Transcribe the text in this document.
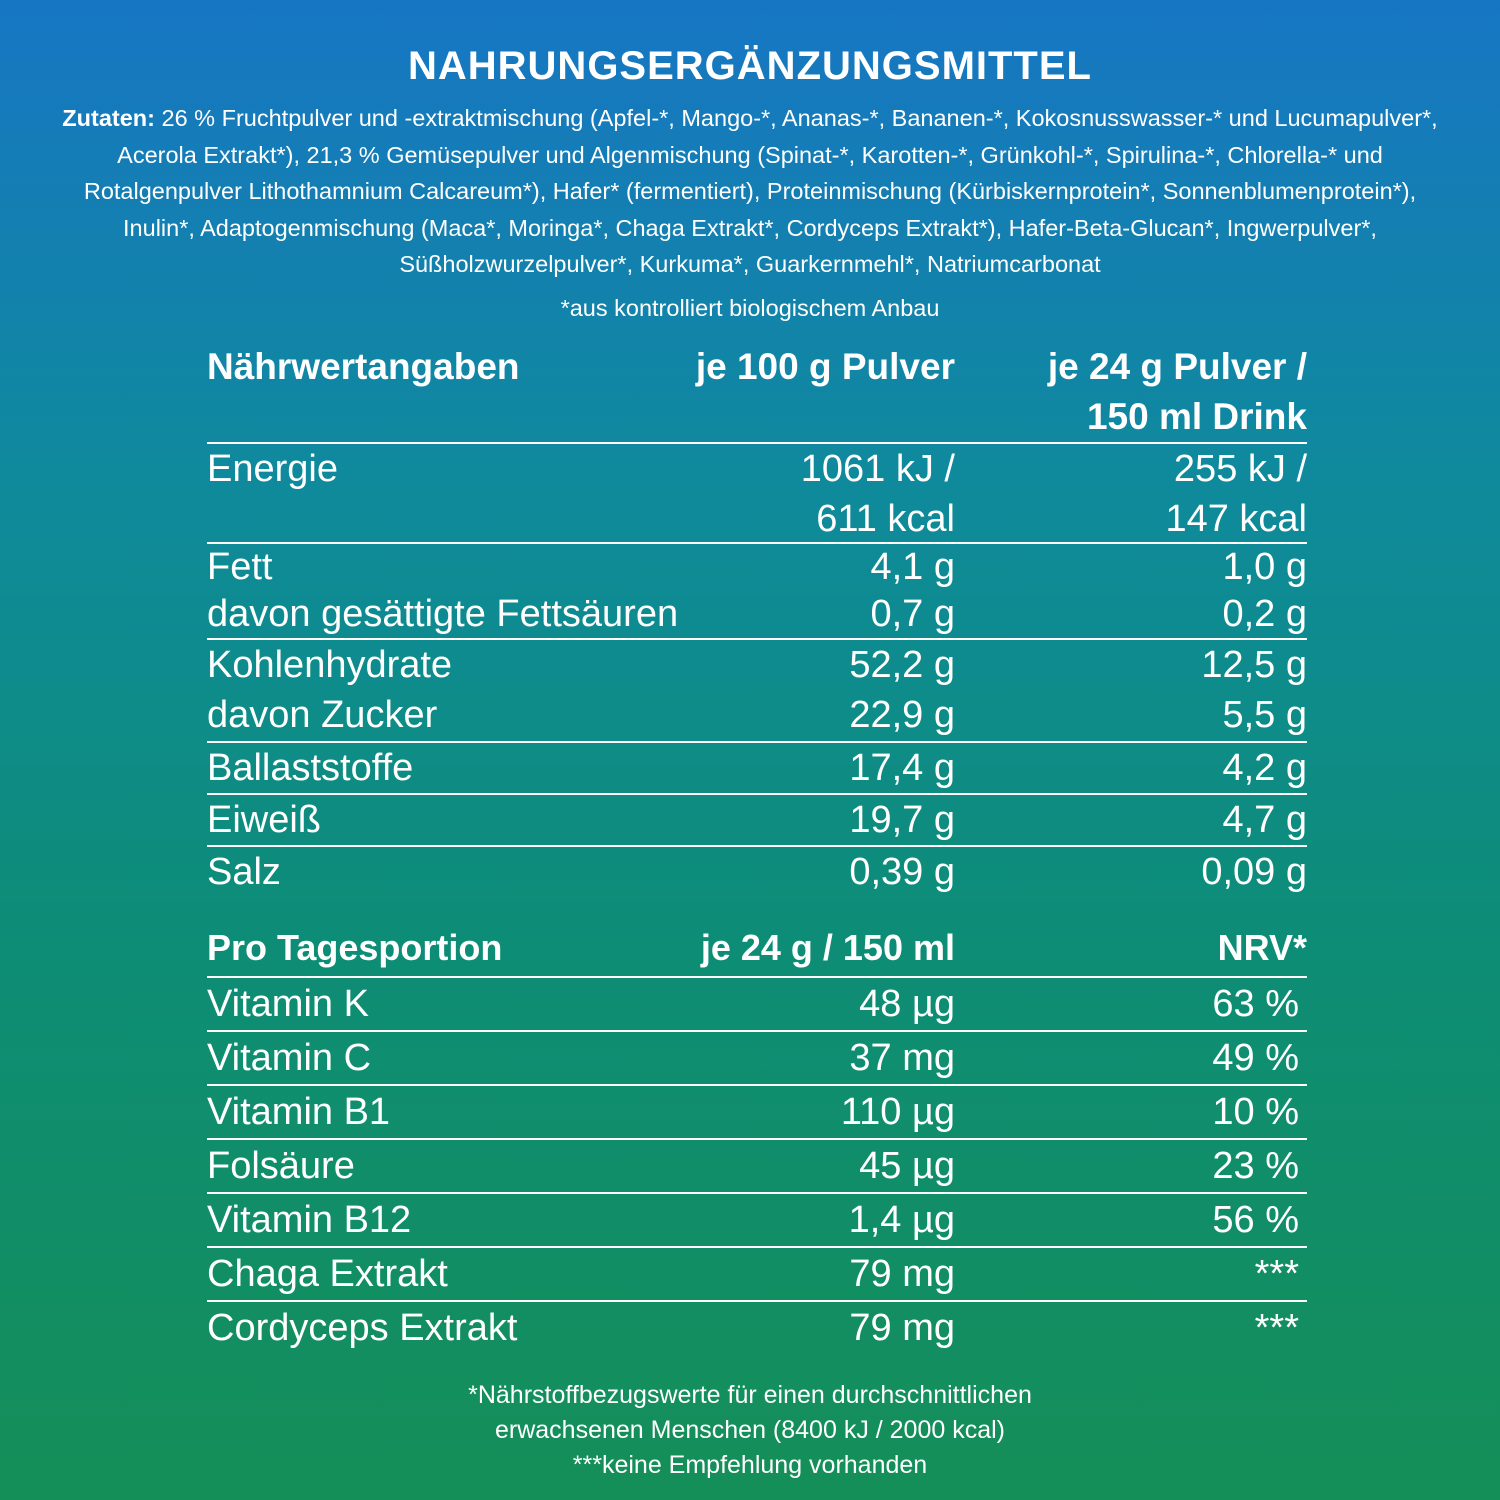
NAHRUNGSERGÄNZUNGSMITTEL
Zutaten: 26 % Fruchtpulver und -extraktmischung (Apfel-*, Mango-*, Ananas-*, Bananen-*, Kokosnusswasser-* und Lucumapulver*, Acerola Extrakt*), 21,3 % Gemüsepulver und Algenmischung (Spinat-*, Karotten-*, Grünkohl-*, Spirulina-*, Chlorella-* und Rotalgenpulver Lithothamnium Calcareum*), Hafer* (fermentiert), Proteinmischung (Kürbiskernprotein*, Sonnenblumenprotein*), Inulin*, Adaptogenmischung (Maca*, Moringa*, Chaga Extrakt*, Cordyceps Extrakt*), Hafer-Beta-Glucan*, Ingwerpulver*, Süßholzwurzelpulver*, Kurkuma*, Guarkernmehl*, Natriumcarbonat
*aus kontrolliert biologischem Anbau
Nährwertangaben	je 100 g Pulver	je 24 g Pulver /
150 ml Drink
Energie	1061 kJ /	255 kJ /
611 kcal	147 kcal
Fett	4,1 g	1,0 g
davon gesättigte Fettsäuren	0,7 g	0,2 g
Kohlenhydrate	52,2 g	12,5 g
davon Zucker	22,9 g	5,5 g
Ballaststoffe	17,4 g	4,2 g
Eiweiß	19,7 g	4,7 g
Salz	0,39 g	0,09 g
Pro Tagesportion	je 24 g / 150 ml	NRV*
Vitamin K	48 µg	63 %
Vitamin C	37 mg	49 %
Vitamin B1	110 µg	10 %
Folsäure	45 µg	23 %
Vitamin B12	1,4 µg	56 %
Chaga Extrakt	79 mg	***
Cordyceps Extrakt	79 mg	***
*Nährstoffbezugswerte für einen durchschnittlichen
erwachsenen Menschen (8400 kJ / 2000 kcal)
***keine Empfehlung vorhanden
